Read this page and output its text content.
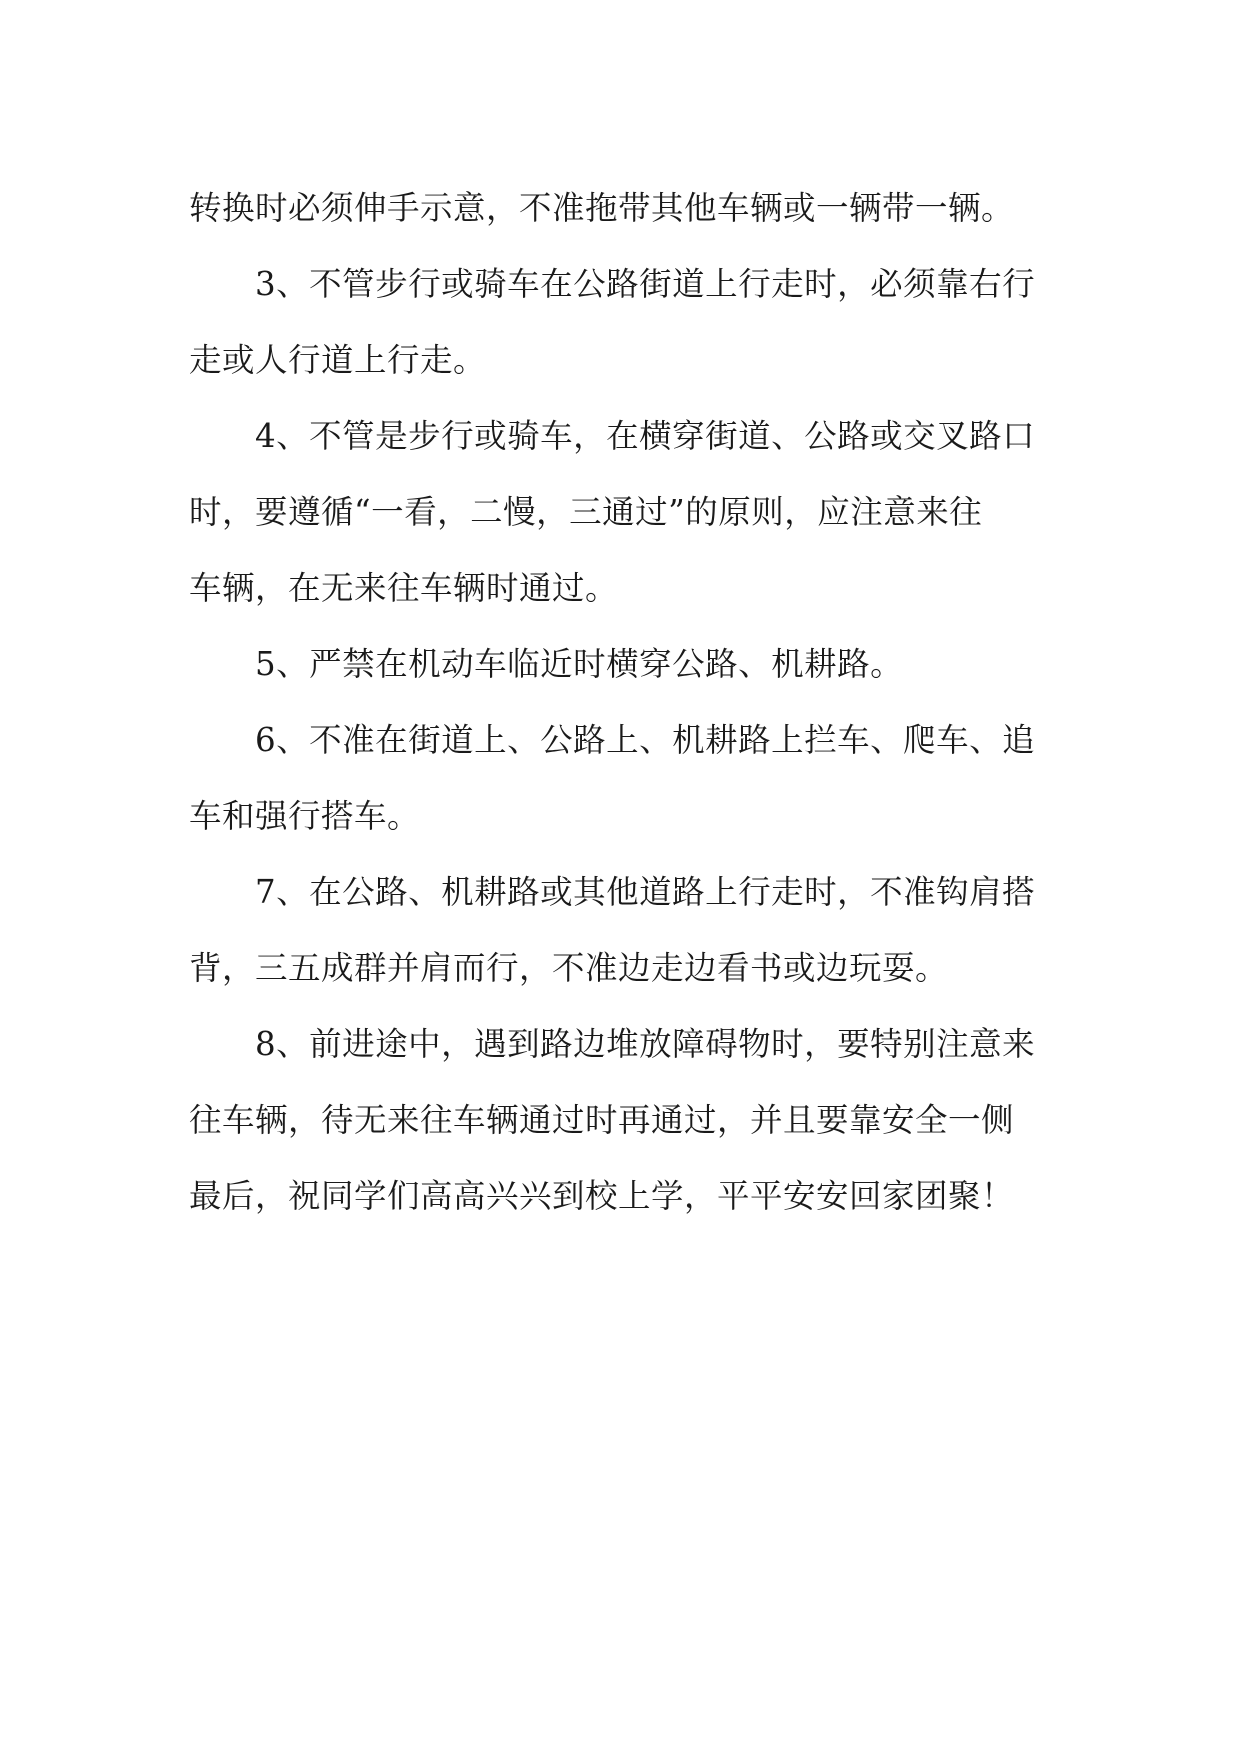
转换时必须伸手示意，不准拖带其他车辆或一辆带一辆。
3、不管步行或骑车在公路街道上行走时，必须靠右行
走或人行道上行走。
4、不管是步行或骑车，在横穿街道、公路或交叉路口
时，要遵循“一看，二慢，三通过”的原则，应注意来往
车辆，在无来往车辆时通过。
5、严禁在机动车临近时横穿公路、机耕路。
6、不准在街道上、公路上、机耕路上拦车、爬车、追
车和强行搭车。
7、在公路、机耕路或其他道路上行走时，不准钩肩搭
背，三五成群并肩而行，不准边走边看书或边玩耍。
8、前进途中，遇到路边堆放障碍物时，要特别注意来
往车辆，待无来往车辆通过时再通过，并且要靠安全一侧
最后，祝同学们高高兴兴到校上学，平平安安回家团聚！
